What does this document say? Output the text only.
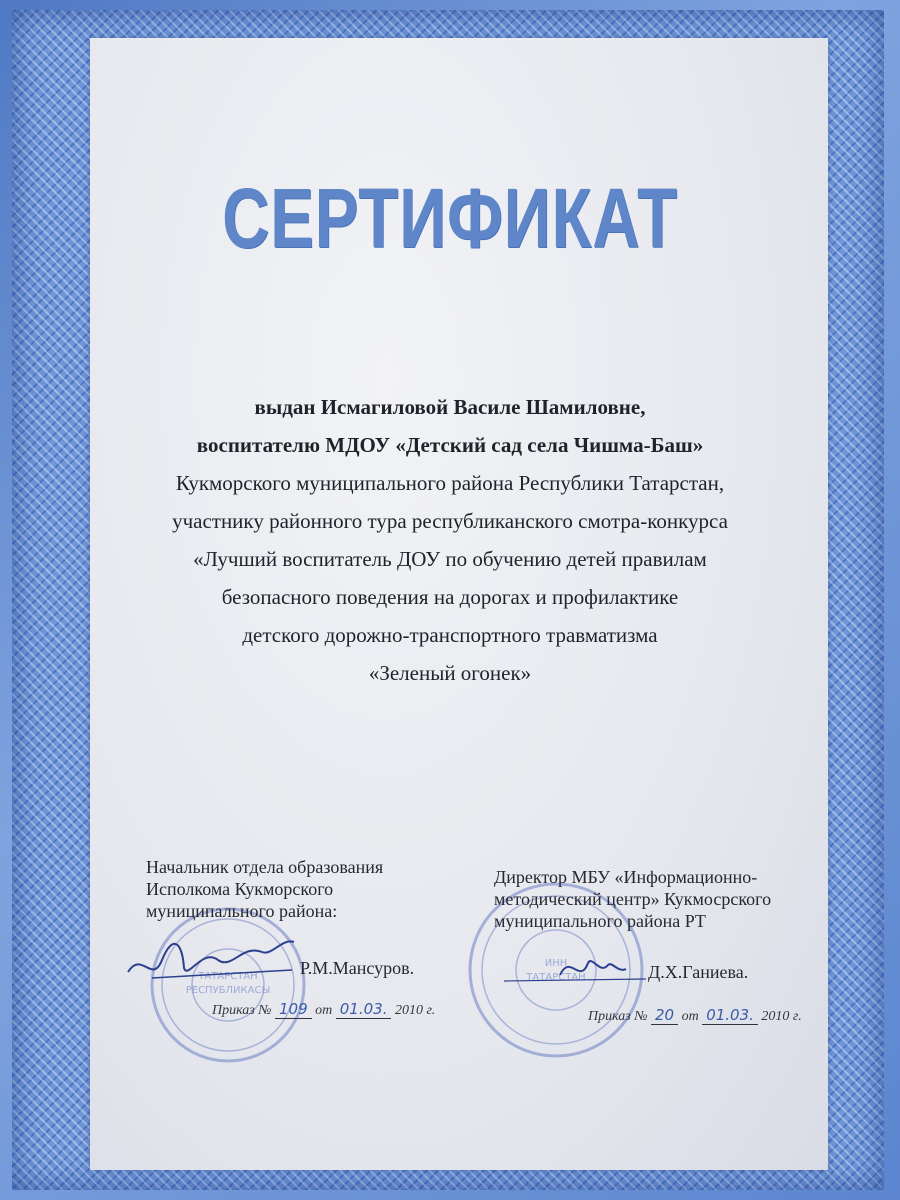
СЕРТИФИКАТ
выдан Исмагиловой Василе Шамиловне,
воспитателю МДОУ «Детский сад села Чишма-Баш»
Кукморского муниципального района Республики Татарстан,
участнику районного тура республиканского смотра-конкурса
«Лучший воспитатель ДОУ по обучению детей правилам
безопасного поведения на дорогах и профилактике
детского дорожно-транспортного травматизма
«Зеленый огонек»
ТАТАРСТАН
РЕСПУБЛИКАСЫ
ИНН
ТАТАРСТАН
Начальник отдела образования
Исполкома Кукморского
муниципального района:
Директор МБУ «Информационно-
методический центр» Кукмосрского
муниципального района РТ
Р.М.Мансуров.	Д.Х.Ганиева.
Приказ № 109 от 01.03. 2010 г.	Приказ № 20 от 01.03. 2010 г.
